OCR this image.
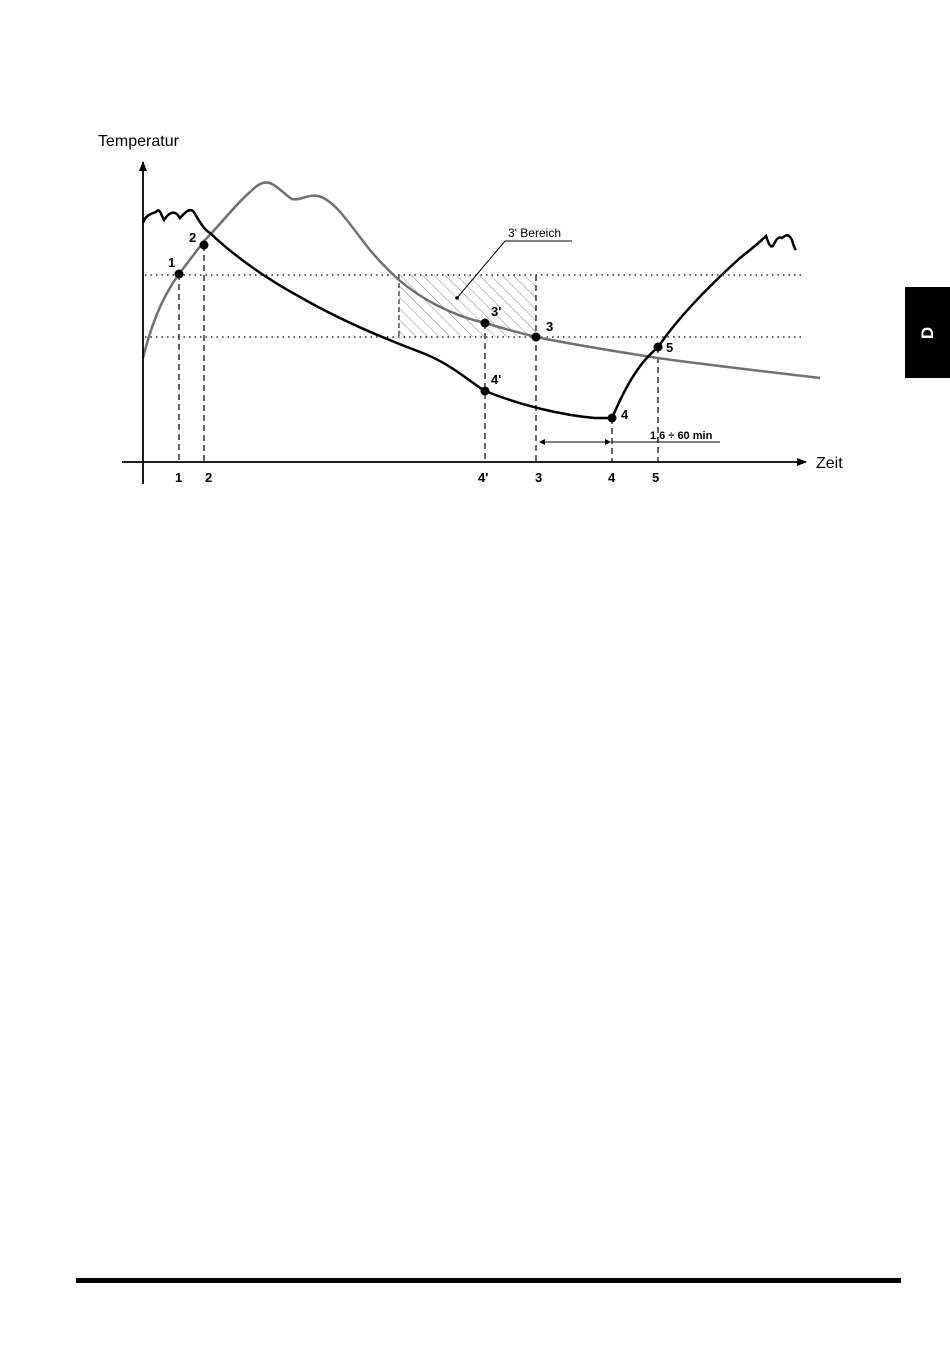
Temperatur
Zeit
1
2
3'
3
4'
4
5
1 2	4'	3	4	5
3' Bereich
1,6 ÷ 60 min
D
